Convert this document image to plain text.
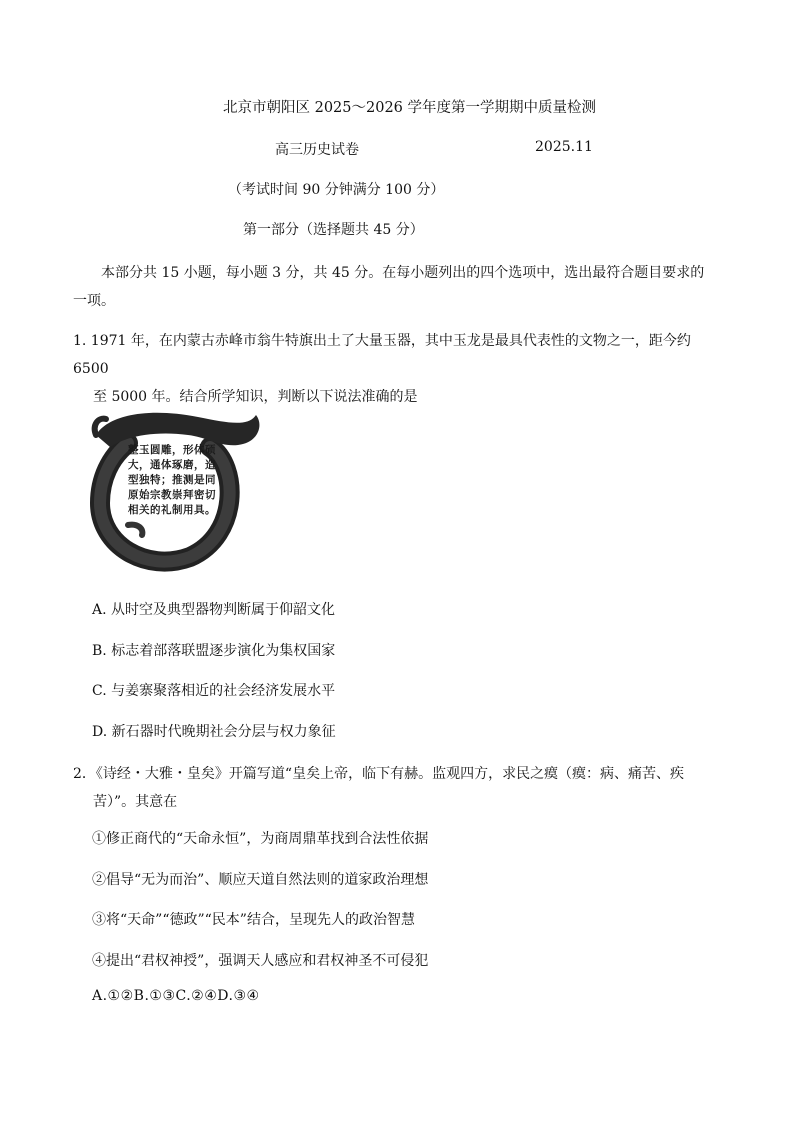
北京市朝阳区 2025～2026 学年度第一学期期中质量检测
高三历史试卷	2025.11
（考试时间 90 分钟满分 100 分）
第一部分（选择题共 45 分）
本部分共 15 小题，每小题 3 分，共 45 分。在每小题列出的四个选项中，选出最符合题目要求的一项。
1. 1971 年，在内蒙古赤峰市翁牛特旗出土了大量玉器，其中玉龙是最具代表性的文物之一，距今约 6500
至 5000 年。结合所学知识，判断以下说法准确的是
整玉圆雕，形体硕大，通体琢磨，造型独特；推测是同原始宗教崇拜密切相关的礼制用具。
A. 从时空及典型器物判断属于仰韶文化
B. 标志着部落联盟逐步演化为集权国家
C. 与姜寨聚落相近的社会经济发展水平
D. 新石器时代晚期社会分层与权力象征
2．《诗经・大雅・皇矣》开篇写道“皇矣上帝，临下有赫。监观四方，求民之瘼（瘼：病、痛苦、疾
苦）”。其意在
①修正商代的“天命永恒”，为商周鼎革找到合法性依据
②倡导“无为而治”、顺应天道自然法则的道家政治理想
③将“天命”“德政”“民本”结合，呈现先人的政治智慧
④提出“君权神授”，强调天人感应和君权神圣不可侵犯
A.①②B.①③C.②④D.③④
